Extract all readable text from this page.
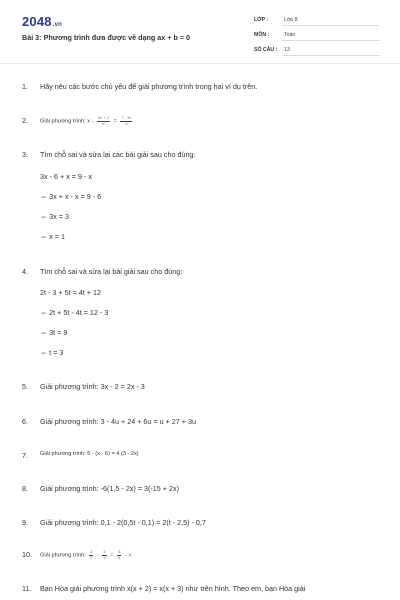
2048.vn
Bài 3: Phương trình đưa được về dạng ax + b = 0
LỚP :	Lớp 8
MÔN :	Toán
SỐ CÂU : 13
1.	Hãy nêu các bước chủ yếu để giải phương trình trong hai ví dụ trên.
2.	Giải phương trình: $x - \frac{5x + 2}{6} = \frac{7 - 3x}{4}$
3.	Tìm chỗ sai và sửa lại các bài giải sau cho đúng:
3x - 6 + x = 9 - x
⇔ 3x + x - x = 9 - 6
⇔ 3x = 3
⇔ x = 1
4.	Tìm chỗ sai và sửa lại bài giải sau cho đúng:
2t - 3 + 5t = 4t + 12
⇔ 2t + 5t - 4t = 12 - 3
⇔ 3t = 9
⇔ t = 3
5.	Giải phương trình: 3x - 2 = 2x - 3
6.	Giải phương trình: 3 - 4u + 24 + 6u = u + 27 + 3u
7.	Giải phương trình: 5 - (x - 6) = 4.(3 - 2x)
8.	Giải phương trình: -6(1,5 - 2x) = 3(-15 + 2x)
9.	Giải phương trình: 0,1 - 2(0,5t - 0,1) = 2(t - 2,5) - 0,7
10.	Giải phương trình: $\frac{3}{2} - \frac{5}{3} = \frac{5}{8} - x$
11.	Bạn Hòa giải phương trình x(x + 2) = x(x + 3) như trên hình. Theo em, bạn Hòa giải
